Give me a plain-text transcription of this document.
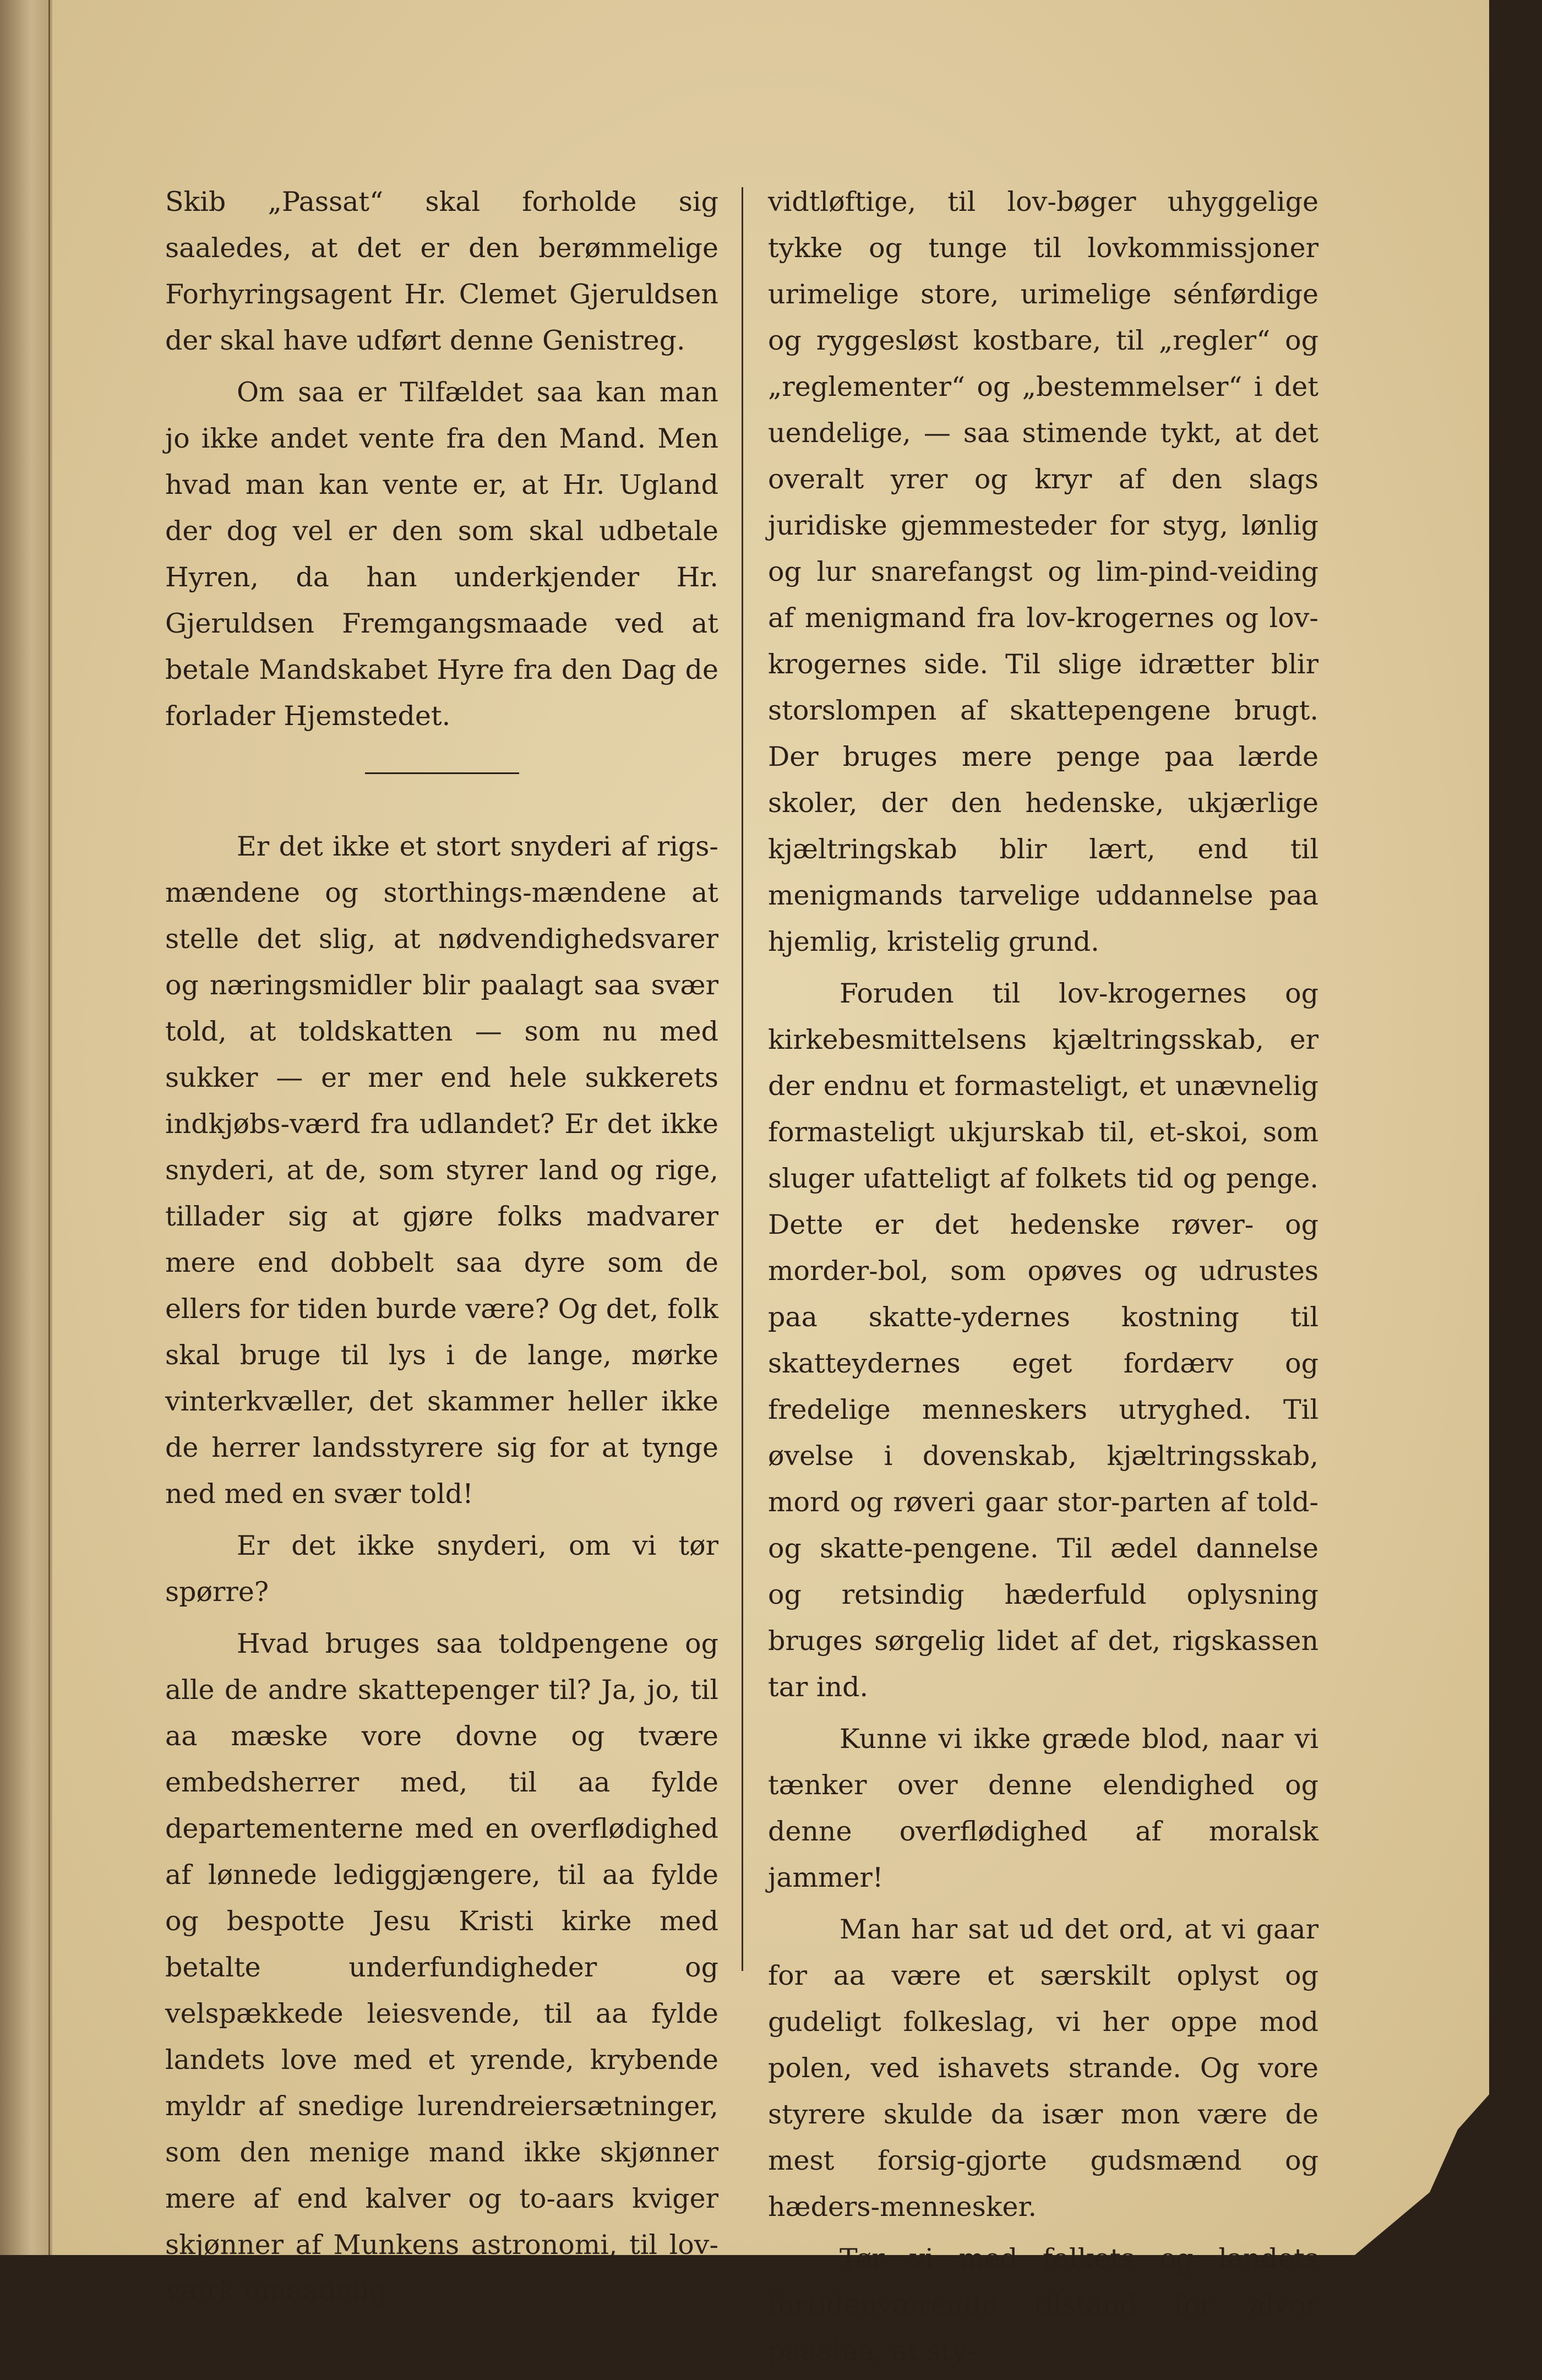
Skib „Passat“ skal forholde sig saaledes, at det er den berømmelige Forhyringsagent Hr. Clemet Gjeruldsen der skal have udført denne Genistreg.

Om saa er Tilfældet saa kan man jo ikke andet vente fra den Mand. Men hvad man kan vente er, at Hr. Ugland der dog vel er den som skal udbetale Hyren, da han underkjender Hr. Gjeruldsen Fremgangsmaade ved at betale Mandskabet Hyre fra den Dag de forlader Hjemstedet.

Er det ikke et stort snyderi af rigs-mændene og storthings-mændene at stelle det slig, at nødvendighedsvarer og næringsmidler blir paalagt saa svær told, at toldskatten — som nu med sukker — er mer end hele sukkerets indkjøbs-værd fra udlandet? Er det ikke snyderi, at de, som styrer land og rige, tillader sig at gjøre folks madvarer mere end dobbelt saa dyre som de ellers for tiden burde være? Og det, folk skal bruge til lys i de lange, mørke vinterkvæller, det skammer heller ikke de herrer landsstyrere sig for at tynge ned med en svær told!

Er det ikke snyderi, om vi tør spørre?

Hvad bruges saa toldpengene og alle de andre skattepenger til? Ja, jo, til aa mæske vore dovne og tvære embedsherrer med, til aa fylde departementerne med en overflødighed af lønnede lediggjængere, til aa fylde og bespotte Jesu Kristi kirke med betalte underfundigheder og velspækkede leiesvende, til aa fylde landets love med et yrende, krybende myldr af snedige lurendreiersætninger, som den menige mand ikke skjønner mere af end kalver og to-aars kviger skjønner af Munkens astronomi, til lov-værk umaadelig

vidtløftige, til lov-bøger uhyggelige tykke og tunge til lovkommissjoner urimelige store, urimelige sénførdige og ryggesløst kostbare, til „regler“ og „reglementer“ og „bestemmelser“ i det uendelige, — saa stimende tykt, at det overalt yrer og kryr af den slags juridiske gjemmesteder for styg, lønlig og lur snarefangst og lim-pind-veiding af menigmand fra lov-krogernes og lov-krogernes side. Til slige idrætter blir storslompen af skattepengene brugt. Der bruges mere penge paa lærde skoler, der den hedenske, ukjærlige kjæltringskab blir lært, end til menigmands tarvelige uddannelse paa hjemlig, kristelig grund.

Foruden til lov-krogernes og kirkebesmittelsens kjæltringsskab, er der endnu et formasteligt, et unævnelig formasteligt ukjurskab til, et-skoi, som sluger ufatteligt af folkets tid og penge. Dette er det hedenske røver- og morder-bol, som opøves og udrustes paa skatte-ydernes kostning til skatteydernes eget fordærv og fredelige menneskers utryghed. Til øvelse i dovenskab, kjæltringsskab, mord og røveri gaar stor-parten af told- og skatte-pengene. Til ædel dannelse og retsindig hæderfuld oplysning bruges sørgelig lidet af det, rigskassen tar ind.

Kunne vi ikke græde blod, naar vi tænker over denne elendighed og denne overflødighed af moralsk jammer!

Man har sat ud det ord, at vi gaar for aa være et særskilt oplyst og gudeligt folkeslag, vi her oppe mod polen, ved ishavets strande. Og vore styrere skulde da især mon være de mest forsig-gjorte gudsmænd og hæders-mennesker.

Tør vi med folkets og landets fortidenværende tilstand for alvor paastaa, at sty-
